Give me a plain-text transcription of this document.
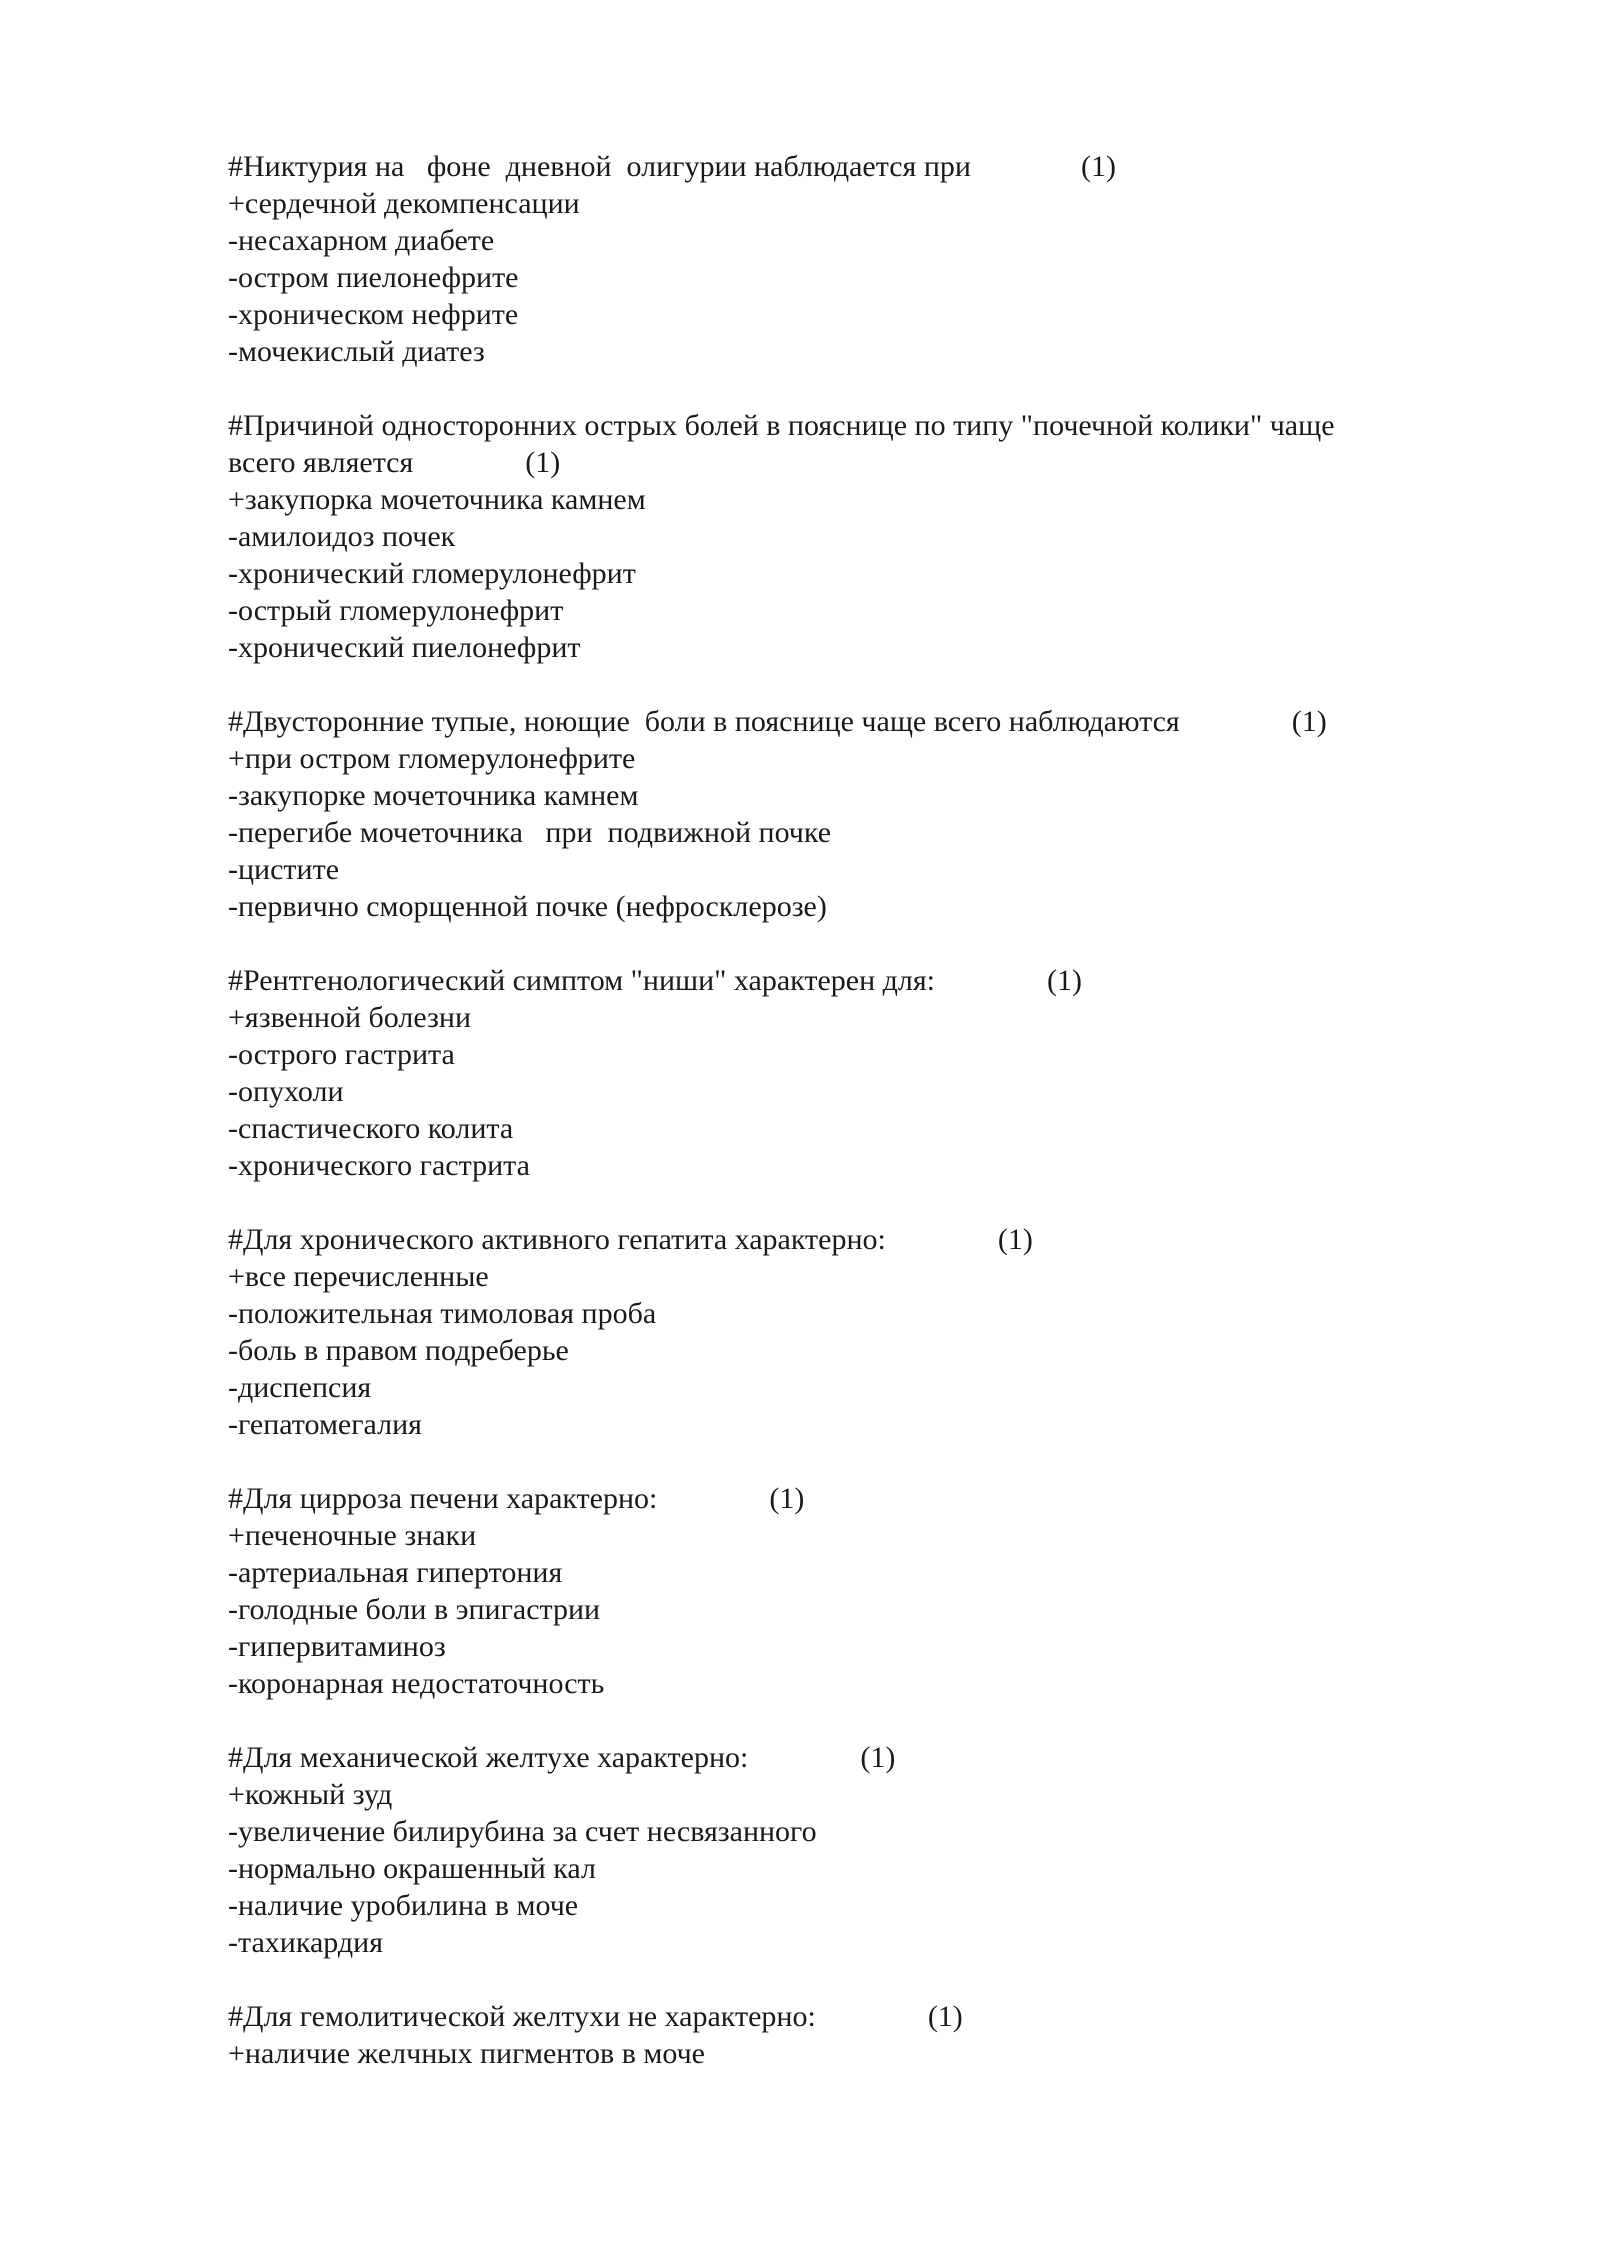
#Никтурия на   фоне  дневной  олигурии наблюдается при	(1)
+сердечной декомпенсации
-несахарном диабете
-остром пиелонефрите
-хроническом нефрите
-мочекислый диатез
#Причиной односторонних острых болей в пояснице по типу "почечной колики" чаще
всего является	(1)
+закупорка мочеточника камнем
-амилоидоз почек
-хронический гломерулонефрит
-острый гломерулонефрит
-хронический пиелонефрит
#Двусторонние тупые, ноющие  боли в пояснице чаще всего наблюдаются	(1)
+при остром гломерулонефрите
-закупорке мочеточника камнем
-перегибе мочеточника   при  подвижной почке
-цистите
-первично сморщенной почке (нефросклерозе)
#Рентгенологический симптом "ниши" характерен для:	(1)
+язвенной болезни
-острого гастрита
-опухоли
-спастического колита
-хронического гастрита
#Для хронического активного гепатита характерно:	(1)
+все перечисленные
-положительная тимоловая проба
-боль в правом подреберье
-диспепсия
-гепатомегалия
#Для цирроза печени характерно:	(1)
+печеночные знаки
-артериальная гипертония
-голодные боли в эпигастрии
-гипервитаминоз
-коронарная недостаточность
#Для механической желтухе характерно:	(1)
+кожный зуд
-увеличение билирубина за счет несвязанного
-нормально окрашенный кал
-наличие уробилина в моче
-тахикардия
#Для гемолитической желтухи не характерно:	(1)
+наличие желчных пигментов в моче
